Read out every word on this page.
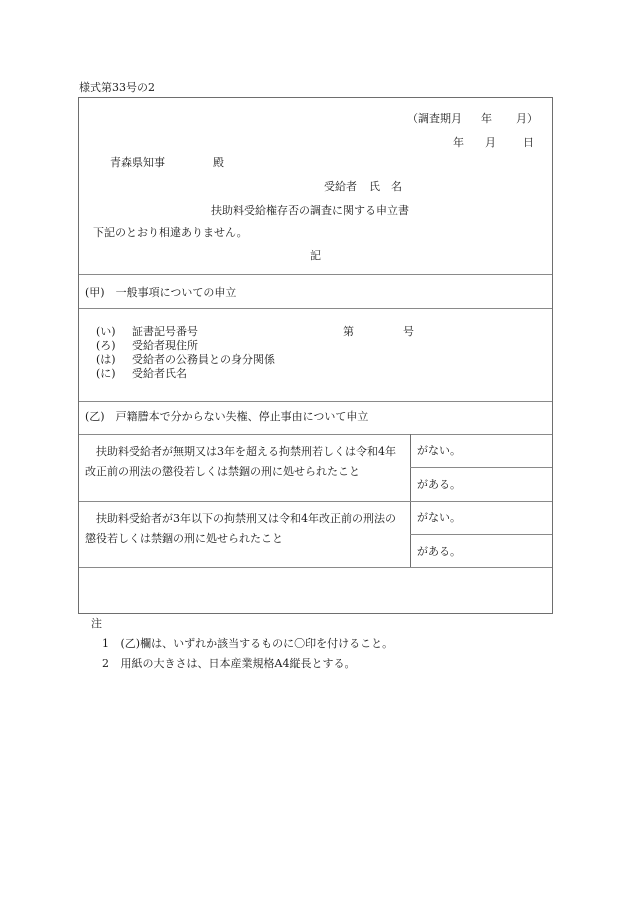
様式第33号の2
（調査期月 年 月）
年 月 日
青森県知事	殿
受給者 氏　名
扶助料受給権存否の調査に関する申立書
下記のとおり相違ありません。
記
(甲)　一般事項についての申立
(い)	証書記号番号
(ろ)	受給者現住所
(は)	受給者の公務員との身分関係
(に)	受給者氏名
第	号
(乙)　戸籍謄本で分からない失権、停止事由について申立
　扶助料受給者が無期又は3年を超える拘禁刑若しくは令和4年改正前の刑法の懲役若しくは禁錮の刑に処せられたこと
がない。
がある。
　扶助料受給者が3年以下の拘禁刑又は令和4年改正前の刑法の懲役若しくは禁錮の刑に処せられたこと
がない。
がある。
注
1 (乙)欄は、いずれか該当するものに〇印を付けること。
2 用紙の大きさは、日本産業規格A4縦長とする。
